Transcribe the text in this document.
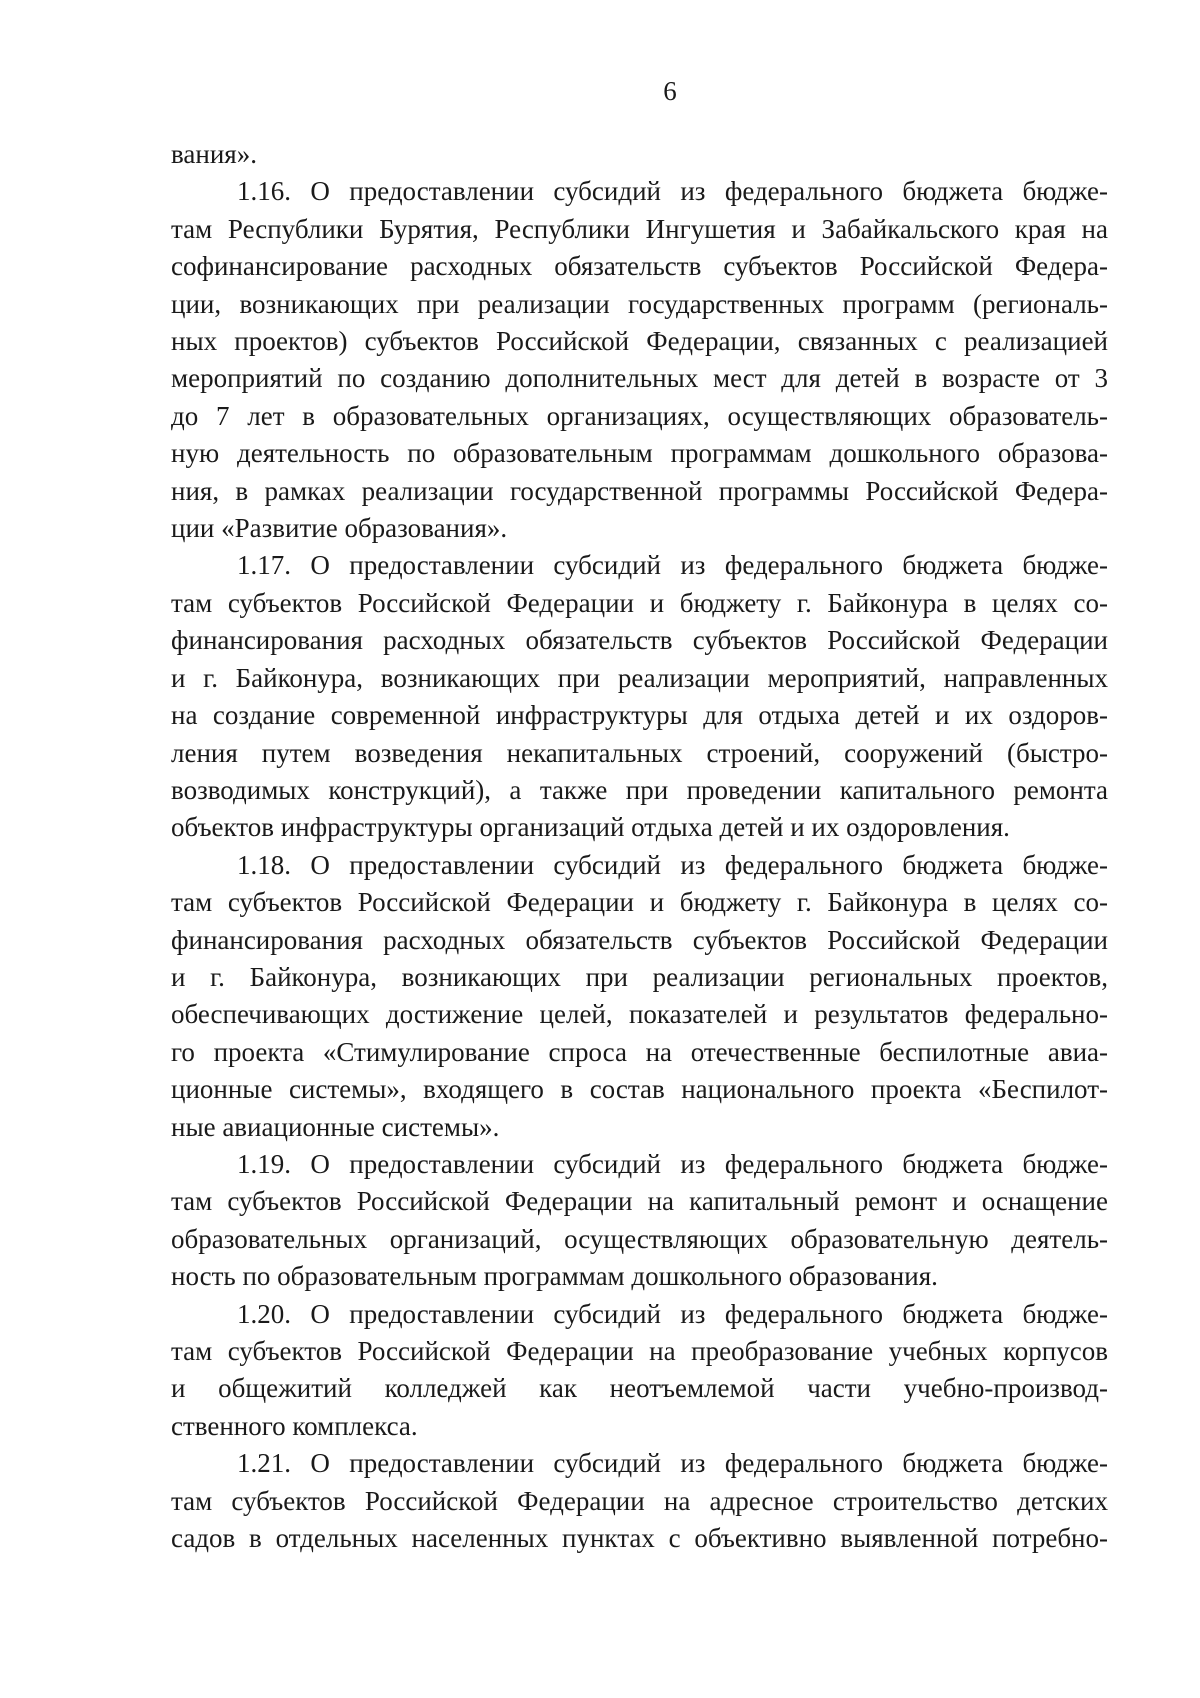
6
вания».
1.16. О предоставлении субсидий из федерального бюджета бюдже-
там Республики Бурятия, Республики Ингушетия и Забайкальского края на
софинансирование расходных обязательств субъектов Российской Федера-
ции, возникающих при реализации государственных программ (региональ-
ных проектов) субъектов Российской Федерации, связанных с реализацией
мероприятий по созданию дополнительных мест для детей в возрасте от 3
до 7 лет в образовательных организациях, осуществляющих образователь-
ную деятельность по образовательным программам дошкольного образова-
ния, в рамках реализации государственной программы Российской Федера-
ции «Развитие образования».
1.17. О предоставлении субсидий из федерального бюджета бюдже-
там субъектов Российской Федерации и бюджету г. Байконура в целях со-
финансирования расходных обязательств субъектов Российской Федерации
и г. Байконура, возникающих при реализации мероприятий, направленных
на создание современной инфраструктуры для отдыха детей и их оздоров-
ления путем возведения некапитальных строений, сооружений (быстро-
возводимых конструкций), а также при проведении капитального ремонта
объектов инфраструктуры организаций отдыха детей и их оздоровления.
1.18. О предоставлении субсидий из федерального бюджета бюдже-
там субъектов Российской Федерации и бюджету г. Байконура в целях со-
финансирования расходных обязательств субъектов Российской Федерации
и г. Байконура, возникающих при реализации региональных проектов,
обеспечивающих достижение целей, показателей и результатов федерально-
го проекта «Стимулирование спроса на отечественные беспилотные авиа-
ционные системы», входящего в состав национального проекта «Беспилот-
ные авиационные системы».
1.19. О предоставлении субсидий из федерального бюджета бюдже-
там субъектов Российской Федерации на капитальный ремонт и оснащение
образовательных организаций, осуществляющих образовательную деятель-
ность по образовательным программам дошкольного образования.
1.20. О предоставлении субсидий из федерального бюджета бюдже-
там субъектов Российской Федерации на преобразование учебных корпусов
и общежитий колледжей как неотъемлемой части учебно-производ-
ственного комплекса.
1.21. О предоставлении субсидий из федерального бюджета бюдже-
там субъектов Российской Федерации на адресное строительство детских
садов в отдельных населенных пунктах с объективно выявленной потребно-
